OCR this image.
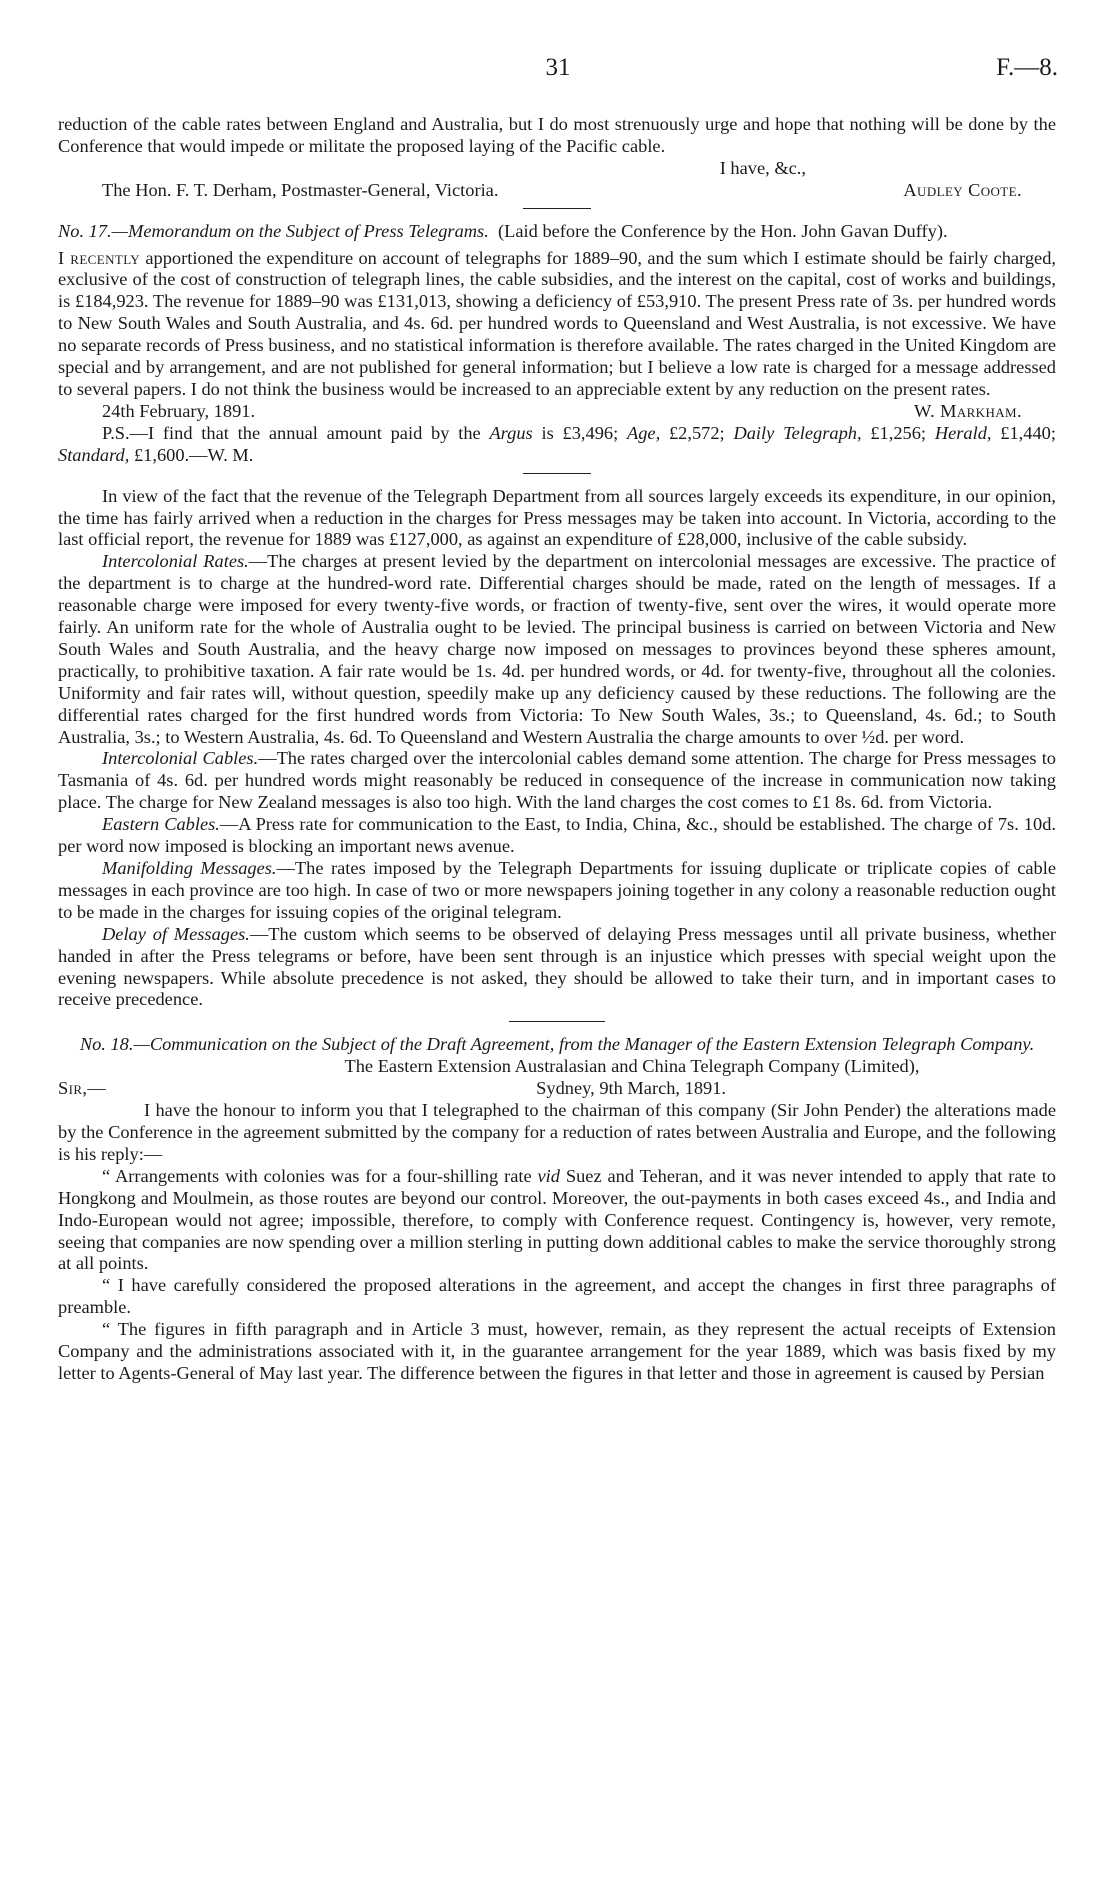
31	F.—8.

reduction of the cable rates between England and Australia, but I do most strenuously urge and hope that nothing will be done by the Conference that would impede or militate the proposed laying of the Pacific cable.

I have, &c.,
The Hon. F. T. Derham, Postmaster-General, Victoria.	Audley Coote.

No. 17.—Memorandum on the Subject of Press Telegrams. (Laid before the Conference by the Hon. John Gavan Duffy).

I recently apportioned the expenditure on account of telegraphs for 1889–90, and the sum which I estimate should be fairly charged, exclusive of the cost of construction of telegraph lines, the cable subsidies, and the interest on the capital, cost of works and buildings, is £184,923. The revenue for 1889–90 was £131,013, showing a deficiency of £53,910. The present Press rate of 3s. per hundred words to New South Wales and South Australia, and 4s. 6d. per hundred words to Queensland and West Australia, is not excessive. We have no separate records of Press business, and no statistical information is therefore available. The rates charged in the United Kingdom are special and by arrangement, and are not published for general information; but I believe a low rate is charged for a message addressed to several papers. I do not think the business would be increased to an appreciable extent by any reduction on the present rates.

24th February, 1891.	W. Markham.

P.S.—I find that the annual amount paid by the Argus is £3,496; Age, £2,572; Daily Telegraph, £1,256; Herald, £1,440; Standard, £1,600.—W. M.

In view of the fact that the revenue of the Telegraph Department from all sources largely exceeds its expenditure, in our opinion, the time has fairly arrived when a reduction in the charges for Press messages may be taken into account. In Victoria, according to the last official report, the revenue for 1889 was £127,000, as against an expenditure of £28,000, inclusive of the cable subsidy.

Intercolonial Rates.—The charges at present levied by the department on intercolonial messages are excessive. The practice of the department is to charge at the hundred-word rate. Differential charges should be made, rated on the length of messages. If a reasonable charge were imposed for every twenty-five words, or fraction of twenty-five, sent over the wires, it would operate more fairly. An uniform rate for the whole of Australia ought to be levied. The principal business is carried on between Victoria and New South Wales and South Australia, and the heavy charge now imposed on messages to provinces beyond these spheres amount, practically, to prohibitive taxation. A fair rate would be 1s. 4d. per hundred words, or 4d. for twenty-five, throughout all the colonies. Uniformity and fair rates will, without question, speedily make up any deficiency caused by these reductions. The following are the differential rates charged for the first hundred words from Victoria: To New South Wales, 3s.; to Queensland, 4s. 6d.; to South Australia, 3s.; to Western Australia, 4s. 6d. To Queensland and Western Australia the charge amounts to over ½d. per word.

Intercolonial Cables.—The rates charged over the intercolonial cables demand some attention. The charge for Press messages to Tasmania of 4s. 6d. per hundred words might reasonably be reduced in consequence of the increase in communication now taking place. The charge for New Zealand messages is also too high. With the land charges the cost comes to £1 8s. 6d. from Victoria.

Eastern Cables.—A Press rate for communication to the East, to India, China, &c., should be established. The charge of 7s. 10d. per word now imposed is blocking an important news avenue.

Manifolding Messages.—The rates imposed by the Telegraph Departments for issuing duplicate or triplicate copies of cable messages in each province are too high. In case of two or more newspapers joining together in any colony a reasonable reduction ought to be made in the charges for issuing copies of the original telegram.

Delay of Messages.—The custom which seems to be observed of delaying Press messages until all private business, whether handed in after the Press telegrams or before, have been sent through is an injustice which presses with special weight upon the evening newspapers. While absolute precedence is not asked, they should be allowed to take their turn, and in important cases to receive precedence.

No. 18.—Communication on the Subject of the Draft Agreement, from the Manager of the Eastern Extension Telegraph Company.

The Eastern Extension Australasian and China Telegraph Company (Limited),

Sir,—	Sydney, 9th March, 1891.

I have the honour to inform you that I telegraphed to the chairman of this company (Sir John Pender) the alterations made by the Conference in the agreement submitted by the company for a reduction of rates between Australia and Europe, and the following is his reply:—

“ Arrangements with colonies was for a four-shilling rate vid Suez and Teheran, and it was never intended to apply that rate to Hongkong and Moulmein, as those routes are beyond our control. Moreover, the out-payments in both cases exceed 4s., and India and Indo-European would not agree; impossible, therefore, to comply with Conference request. Contingency is, however, very remote, seeing that companies are now spending over a million sterling in putting down additional cables to make the service thoroughly strong at all points.

“ I have carefully considered the proposed alterations in the agreement, and accept the changes in first three paragraphs of preamble.

“ The figures in fifth paragraph and in Article 3 must, however, remain, as they represent the actual receipts of Extension Company and the administrations associated with it, in the guarantee arrangement for the year 1889, which was basis fixed by my letter to Agents-General of May last year. The difference between the figures in that letter and those in agreement is caused by Persian
